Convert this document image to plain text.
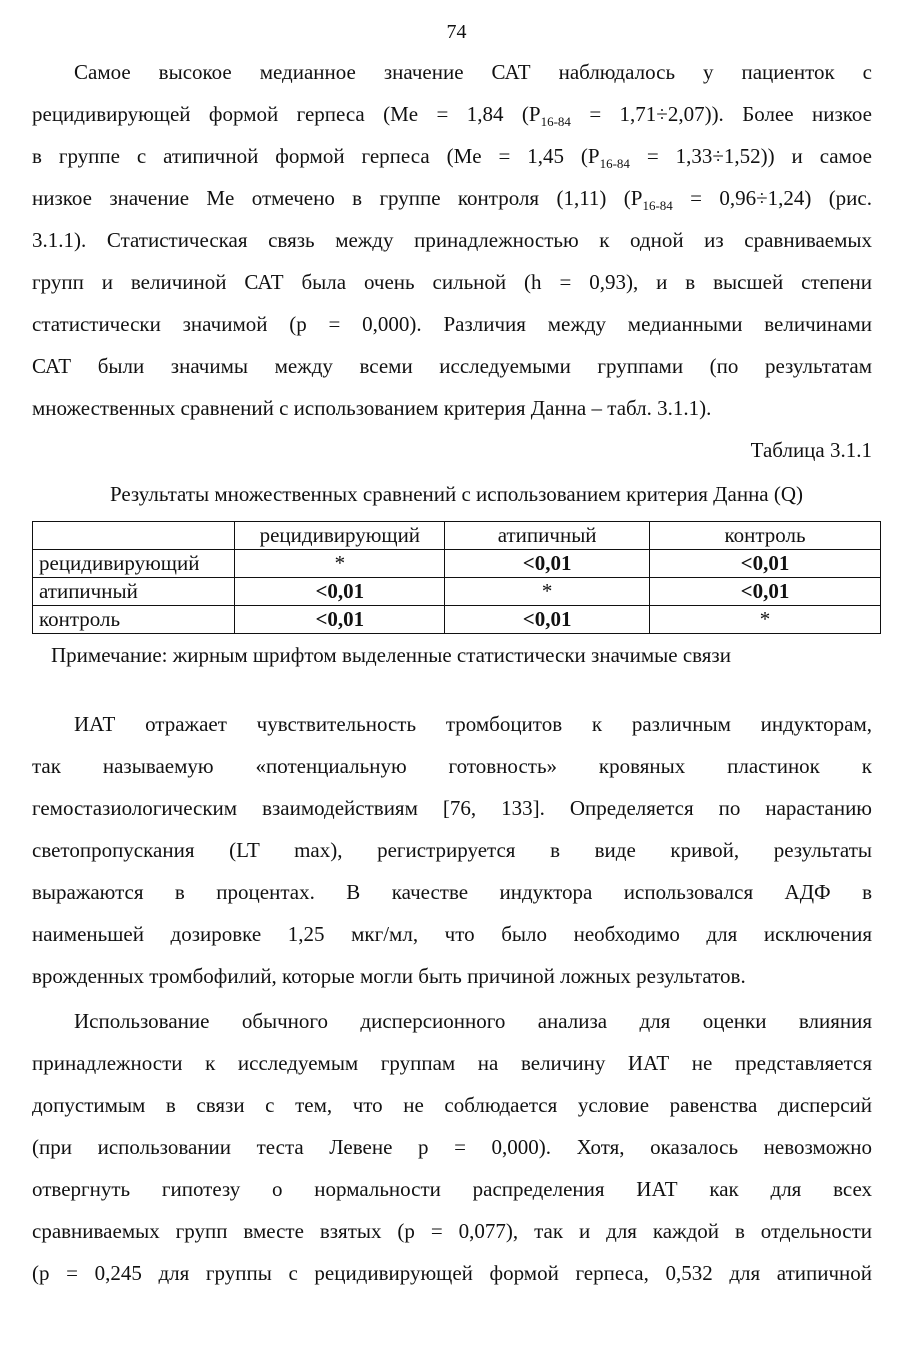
74
Самое высокое медианное значение САТ наблюдалось у пациенток с
рецидивирующей формой герпеса (Me = 1,84 $(P_{16-84} = 1,71\div 2,07)$). Более низкое
в группе с атипичной формой герпеса (Me = 1,45 $(P_{16-84} = 1,33\div 1,52)$) и самое
низкое значение Me отмечено в группе контроля (1,11) $(P_{16-84} = 0,96\div 1,24)$ (рис.
3.1.1). Статистическая связь между принадлежностью к одной из сравниваемых
групп и величиной САТ была очень сильной (h = 0,93), и в высшей степени
статистически значимой (p = 0,000). Различия между медианными величинами
САТ были значимы между всеми исследуемыми группами (по результатам
множественных сравнений с использованием критерия Данна – табл. 3.1.1).
Таблица 3.1.1
Результаты множественных сравнений с использованием критерия Данна (Q)
	рецидивирующий	атипичный	контроль
рецидивирующий	*	<0,01	<0,01
атипичный	<0,01	*	<0,01
контроль	<0,01	<0,01	*
Примечание: жирным шрифтом выделенные статистически значимые связи
ИАТ отражает чувствительность тромбоцитов к различным индукторам,
так называемую «потенциальную готовность» кровяных пластинок к
гемостазиологическим взаимодействиям [76, 133]. Определяется по нарастанию
светопропускания (LT max), регистрируется в виде кривой, результаты
выражаются в процентах. В качестве индуктора использовался АДФ в
наименьшей дозировке 1,25 мкг/мл, что было необходимо для исключения
врожденных тромбофилий, которые могли быть причиной ложных результатов.
Использование обычного дисперсионного анализа для оценки влияния
принадлежности к исследуемым группам на величину ИАТ не представляется
допустимым в связи с тем, что не соблюдается условие равенства дисперсий
(при использовании теста Левене p = 0,000). Хотя, оказалось невозможно
отвергнуть гипотезу о нормальности распределения ИАТ как для всех
сравниваемых групп вместе взятых (p = 0,077), так и для каждой в отдельности
(p = 0,245 для группы с рецидивирующей формой герпеса, 0,532 для атипичной
